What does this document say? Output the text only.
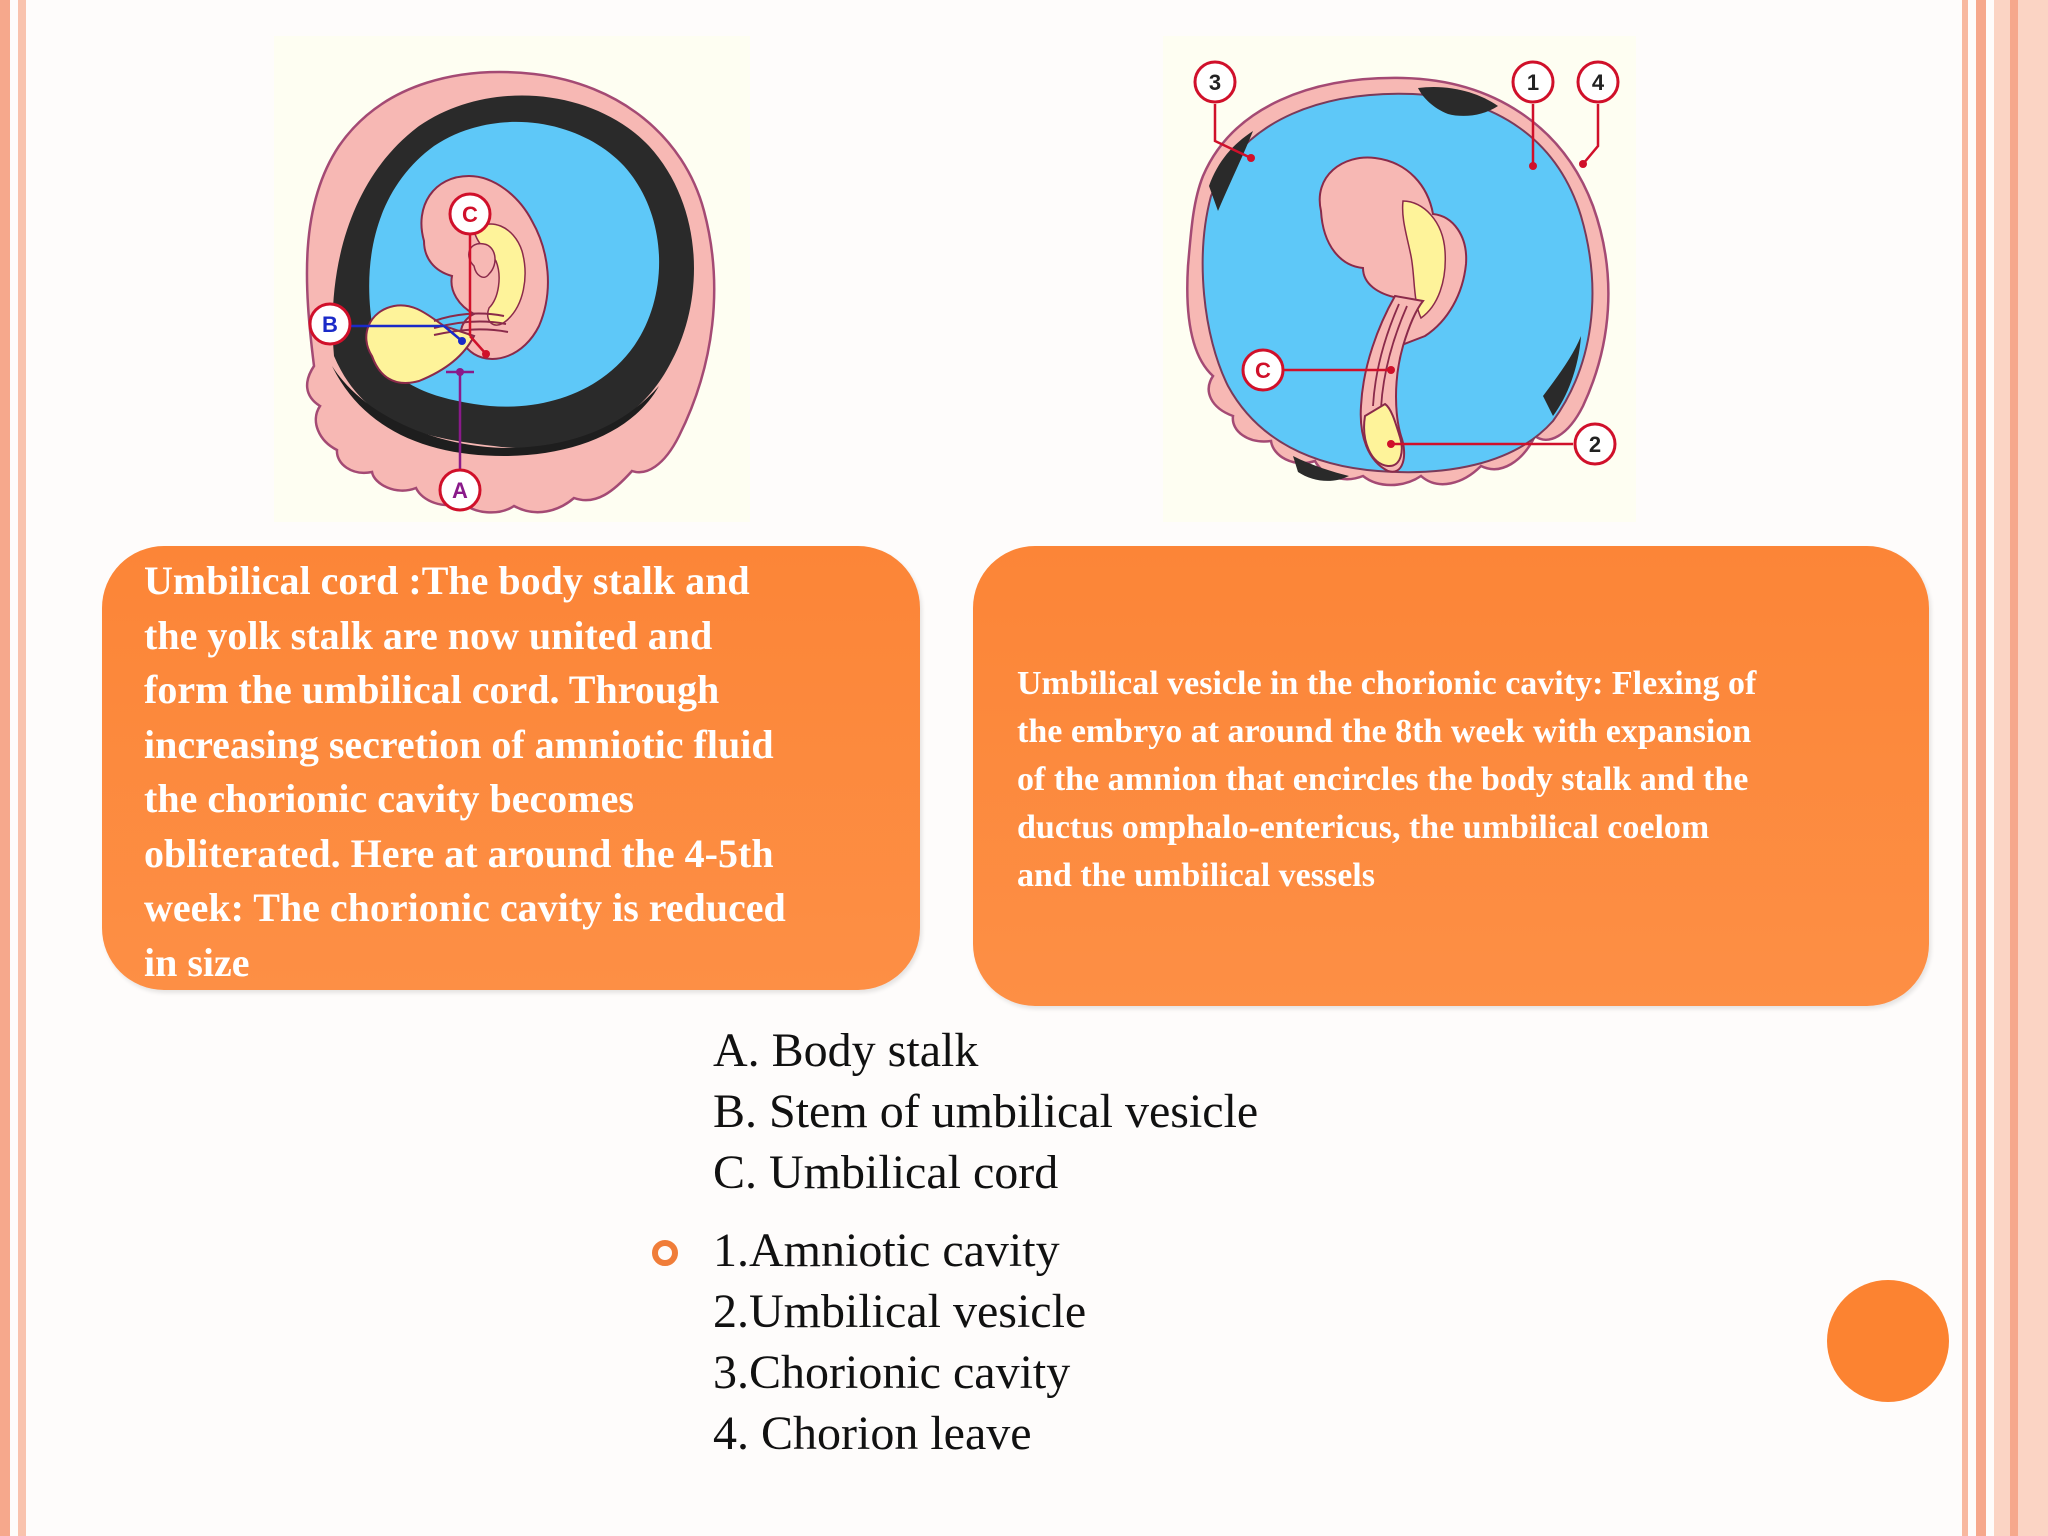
B
C
A
3	1 4
C
2
Umbilical cord :The body stalk and
the yolk stalk are now united and
form the umbilical cord. Through
increasing secretion of amniotic fluid
the chorionic cavity becomes
obliterated. Here at around the 4-5th
week: The chorionic cavity is reduced
in size
Umbilical vesicle in the chorionic cavity: Flexing of
the embryo at around the 8th week with expansion
of the amnion that encircles the body stalk and the
ductus omphalo-entericus, the umbilical coelom
and the umbilical vessels
A. Body stalk
B. Stem of umbilical vesicle
C. Umbilical cord
1.Amniotic cavity
2.Umbilical vesicle
3.Chorionic cavity
4. Chorion leave
